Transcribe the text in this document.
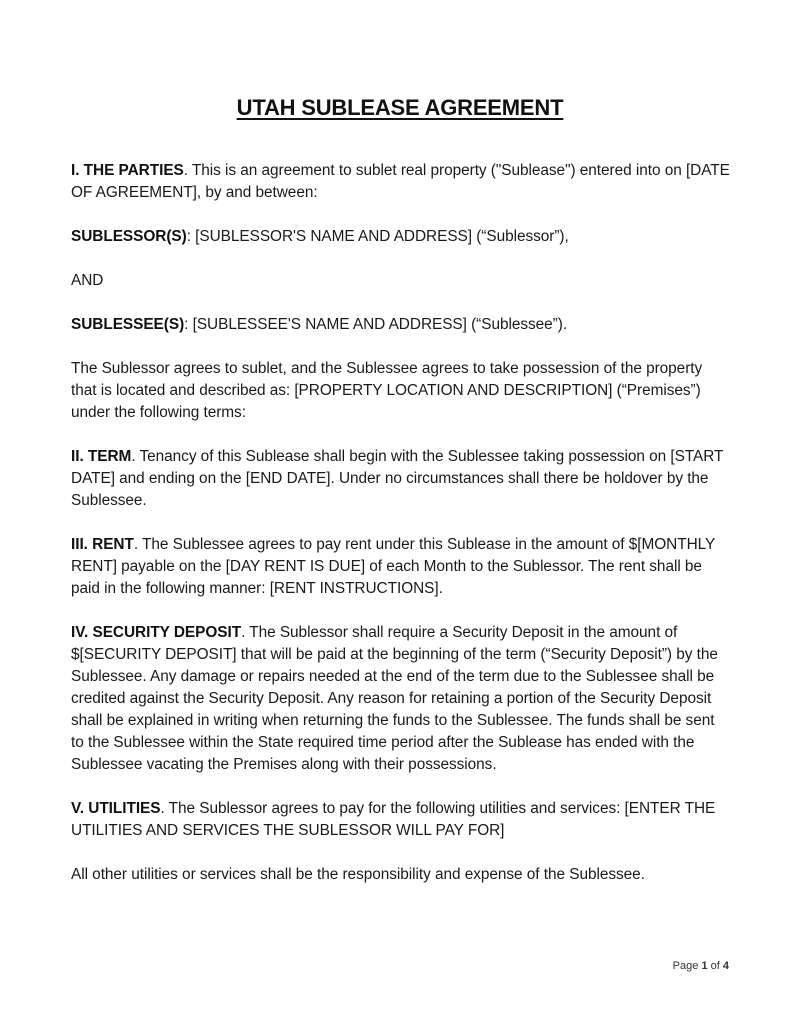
UTAH SUBLEASE AGREEMENT

I. THE PARTIES. This is an agreement to sublet real property ("Sublease") entered into on [DATE OF AGREEMENT], by and between:

SUBLESSOR(S): [SUBLESSOR'S NAME AND ADDRESS] (“Sublessor”),

AND

SUBLESSEE(S): [SUBLESSEE'S NAME AND ADDRESS] (“Sublessee”).

The Sublessor agrees to sublet, and the Sublessee agrees to take possession of the property that is located and described as: [PROPERTY LOCATION AND DESCRIPTION] (“Premises”) under the following terms:

II. TERM. Tenancy of this Sublease shall begin with the Sublessee taking possession on [START DATE] and ending on the [END DATE]. Under no circumstances shall there be holdover by the Sublessee.

III. RENT. The Sublessee agrees to pay rent under this Sublease in the amount of $[MONTHLY RENT] payable on the [DAY RENT IS DUE] of each Month to the Sublessor. The rent shall be paid in the following manner: [RENT INSTRUCTIONS].

IV. SECURITY DEPOSIT. The Sublessor shall require a Security Deposit in the amount of $[SECURITY DEPOSIT] that will be paid at the beginning of the term (“Security Deposit”) by the Sublessee. Any damage or repairs needed at the end of the term due to the Sublessee shall be credited against the Security Deposit. Any reason for retaining a portion of the Security Deposit shall be explained in writing when returning the funds to the Sublessee. The funds shall be sent to the Sublessee within the State required time period after the Sublease has ended with the Sublessee vacating the Premises along with their possessions.

V. UTILITIES. The Sublessor agrees to pay for the following utilities and services: [ENTER THE UTILITIES AND SERVICES THE SUBLESSOR WILL PAY FOR]

All other utilities or services shall be the responsibility and expense of the Sublessee.

Page 1 of 4
